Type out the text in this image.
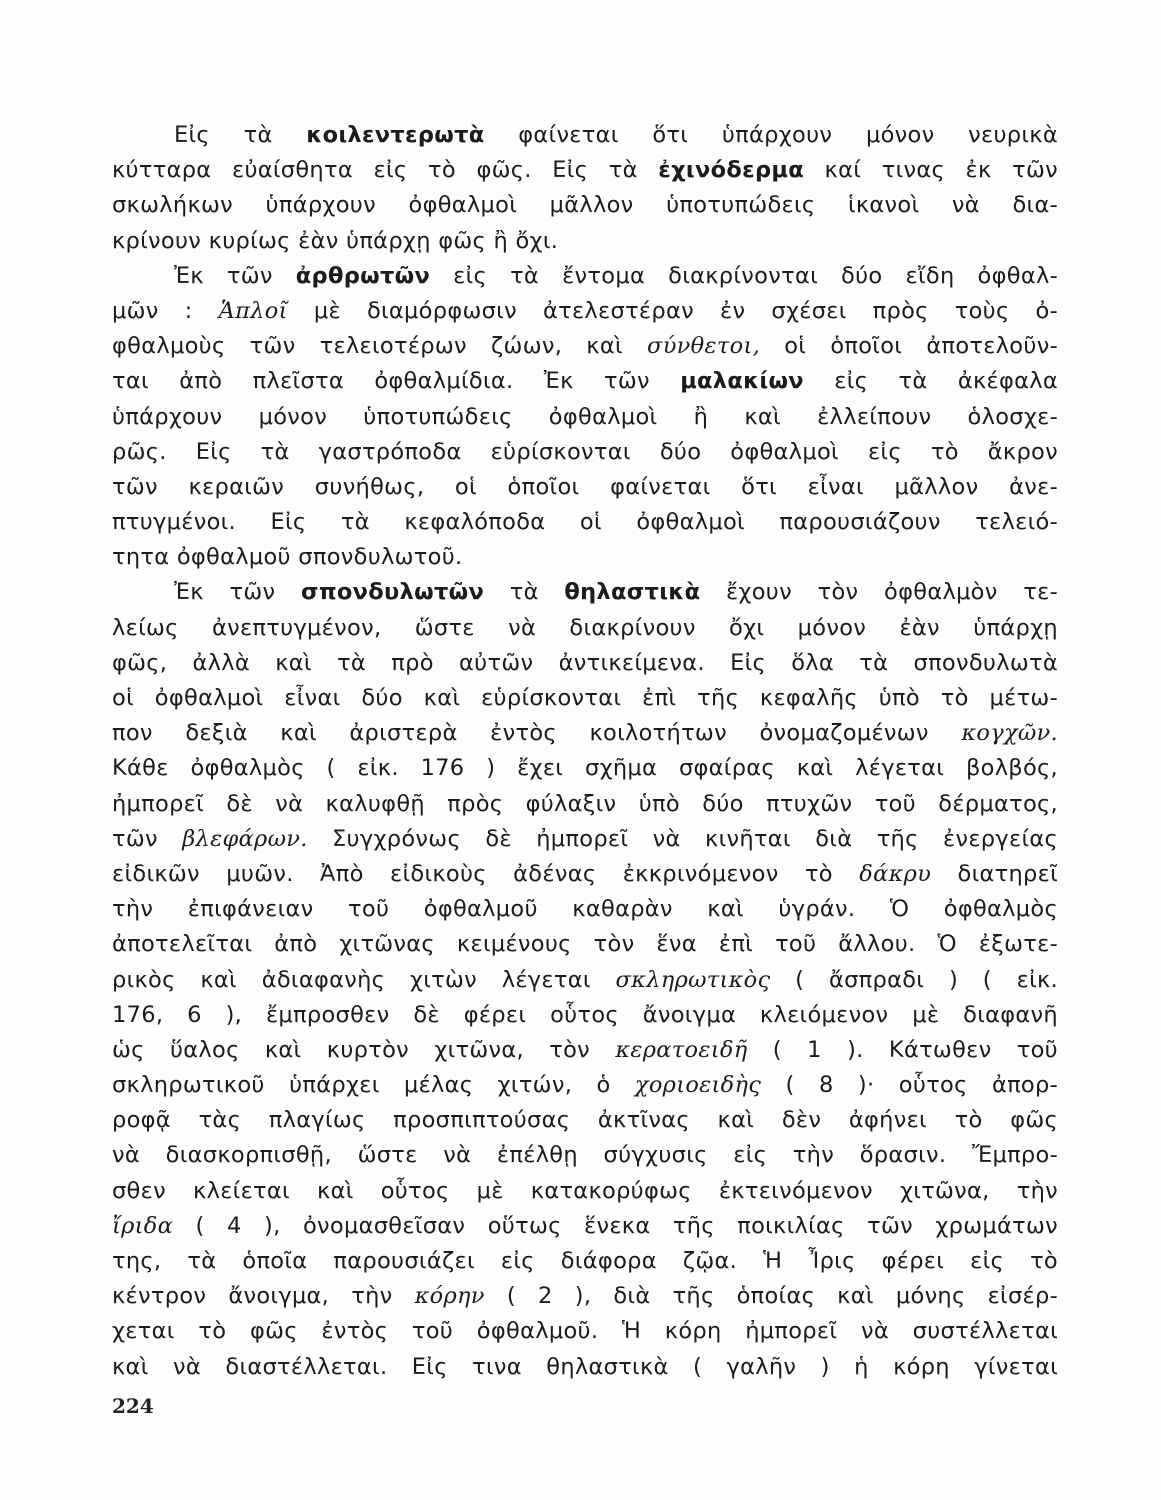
Εἰς τὰ κοιλεντερωτὰ φαίνεται ὅτι ὑπάρχουν μόνον νευρικὰ
κύτταρα εὐαίσθητα εἰς τὸ φῶς. Εἰς τὰ ἐχινόδερμα καί τινας ἐκ τῶν
σκωλήκων ὑπάρχουν ὀφθαλμοὶ μᾶλλον ὑποτυπώδεις ἱκανοὶ νὰ δια-
κρίνουν κυρίως ἐὰν ὑπάρχῃ φῶς ἢ ὄχι.
Ἐκ τῶν ἀρθρωτῶν εἰς τὰ ἔντομα διακρίνονται δύο εἴδη ὀφθαλ-
μῶν : Ἁπλοῖ μὲ διαμόρφωσιν ἀτελεστέραν ἐν σχέσει πρὸς τοὺς ὀ-
φθαλμοὺς τῶν τελειοτέρων ζώων, καὶ σύνθετοι, οἱ ὁποῖοι ἀποτελοῦν-
ται ἀπὸ πλεῖστα ὀφθαλμίδια. Ἐκ τῶν μαλακίων εἰς τὰ ἀκέφαλα
ὑπάρχουν μόνον ὑποτυπώδεις ὀφθαλμοὶ ἢ καὶ ἐλλείπουν ὁλοσχε-
ρῶς. Εἰς τὰ γαστρόποδα εὑρίσκονται δύο ὀφθαλμοὶ εἰς τὸ ἄκρον
τῶν κεραιῶν συνήθως, οἱ ὁποῖοι φαίνεται ὅτι εἶναι μᾶλλον ἀνε-
πτυγμένοι. Εἰς τὰ κεφαλόποδα οἱ ὀφθαλμοὶ παρουσιάζουν τελειό-
τητα ὀφθαλμοῦ σπονδυλωτοῦ.
Ἐκ τῶν σπονδυλωτῶν τὰ θηλαστικὰ ἔχουν τὸν ὀφθαλμὸν τε-
λείως ἀνεπτυγμένον, ὥστε νὰ διακρίνουν ὄχι μόνον ἐὰν ὑπάρχῃ
φῶς, ἀλλὰ καὶ τὰ πρὸ αὐτῶν ἀντικείμενα. Εἰς ὅλα τὰ σπονδυλωτὰ
οἱ ὀφθαλμοὶ εἶναι δύο καὶ εὑρίσκονται ἐπὶ τῆς κεφαλῆς ὑπὸ τὸ μέτω-
πον δεξιὰ καὶ ἀριστερὰ ἐντὸς κοιλοτήτων ὀνομαζομένων κογχῶν.
Κάθε ὀφθαλμὸς ( εἰκ. 176 ) ἔχει σχῆμα σφαίρας καὶ λέγεται βολβός,
ἠμπορεῖ δὲ νὰ καλυφθῇ πρὸς φύλαξιν ὑπὸ δύο πτυχῶν τοῦ δέρματος,
τῶν βλεφάρων. Συγχρόνως δὲ ἠμπορεῖ νὰ κινῆται διὰ τῆς ἐνεργείας
εἰδικῶν μυῶν. Ἀπὸ εἰδικοὺς ἀδένας ἐκκρινόμενον τὸ δάκρυ διατηρεῖ
τὴν ἐπιφάνειαν τοῦ ὀφθαλμοῦ καθαρὰν καὶ ὑγράν. Ὁ ὀφθαλμὸς
ἀποτελεῖται ἀπὸ χιτῶνας κειμένους τὸν ἕνα ἐπὶ τοῦ ἄλλου. Ὁ ἐξωτε-
ρικὸς καὶ ἀδιαφανὴς χιτὼν λέγεται σκληρωτικὸς ( ἄσπραδι ) ( εἰκ.
176, 6 ), ἔμπροσθεν δὲ φέρει οὗτος ἄνοιγμα κλειόμενον μὲ διαφανῆ
ὡς ὕαλος καὶ κυρτὸν χιτῶνα, τὸν κερατοειδῆ ( 1 ). Κάτωθεν τοῦ
σκληρωτικοῦ ὑπάρχει μέλας χιτών, ὁ χοριοειδὴς ( 8 )· οὗτος ἀπορ-
ροφᾷ τὰς πλαγίως προσπιπτούσας ἀκτῖνας καὶ δὲν ἀφήνει τὸ φῶς
νὰ διασκορπισθῇ, ὥστε νὰ ἐπέλθῃ σύγχυσις εἰς τὴν ὅρασιν. Ἔμπρο-
σθεν κλείεται καὶ οὗτος μὲ κατακορύφως ἐκτεινόμενον χιτῶνα, τὴν
ἴριδα ( 4 ), ὀνομασθεῖσαν οὕτως ἕνεκα τῆς ποικιλίας τῶν χρωμάτων
της, τὰ ὁποῖα παρουσιάζει εἰς διάφορα ζῷα. Ἡ Ἶρις φέρει εἰς τὸ
κέντρον ἄνοιγμα, τὴν κόρην ( 2 ), διὰ τῆς ὁποίας καὶ μόνης εἰσέρ-
χεται τὸ φῶς ἐντὸς τοῦ ὀφθαλμοῦ. Ἡ κόρη ἠμπορεῖ νὰ συστέλλεται
καὶ νὰ διαστέλλεται. Εἰς τινα θηλαστικὰ ( γαλῆν ) ἡ κόρη γίνεται
224
